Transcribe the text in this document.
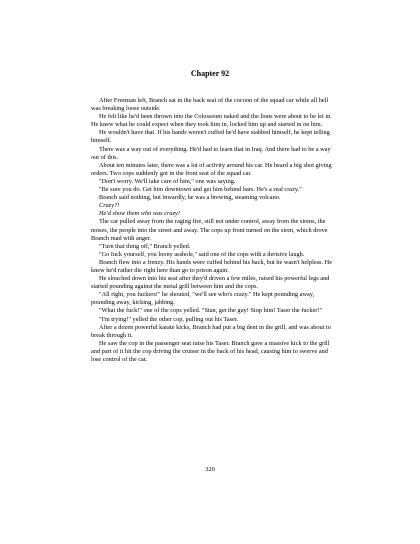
Chapter 92

After Freeman left, Branch sat in the back seat of the cocoon of the squad car while all hell was breaking loose outside.

He felt like he'd been thrown into the Colosseum naked and the lions were about to be let in. He knew what he could expect when they took him in, locked him up and started in on him.

He wouldn't have that. If his hands weren't cuffed he'd have stabbed himself, he kept telling himself.

There was a way out of everything. He'd had to learn that in Iraq. And there had to be a way out of this.

About ten minutes later, there was a lot of activity around his car. He heard a big shot giving orders. Two cops suddenly got in the front seat of the squad car.

"Don't worry. We'll take care of him," one was saying.

"Be sure you do. Get him downtown and get him behind bars. He's a real crazy."

Branch said nothing, but inwardly, he was a brewing, steaming volcano.

Crazy?!

He'd show them who was crazy!

The car pulled away from the raging fire, still not under control, away from the sirens, the noises, the people into the street and away. The cops up front turned on the siren, which drove Branch mad with anger.

"Turn that thing off," Branch yelled.

"Go fuck yourself, you loony asshole," said one of the cops with a derisive laugh.

Branch flew into a frenzy. His hands were cuffed behind his back, but he wasn't helpless. He knew he'd rather die right here than go to prison again.

He slouched down into his seat after they'd driven a few miles, raised his powerful legs and started pounding against the metal grill between him and the cops.

"All right, you fuckers!" he shouted, "we'll see who's crazy." He kept pounding away, pounding away, kicking, jabbing.

"What the fuck!" one of the cops yelled. "Stan, get the guy! Stop him! Taser the fucker!"

"I'm trying!" yelled the other cop, pulling out his Taser.

After a dozen powerful karate kicks, Branch had put a big dent in the grill, and was about to break through it.

He saw the cop in the passenger seat raise his Taser. Branch gave a massive kick to the grill and part of it hit the cop driving the cruiser in the back of his head, causing him to swerve and lose control of the car.

320
